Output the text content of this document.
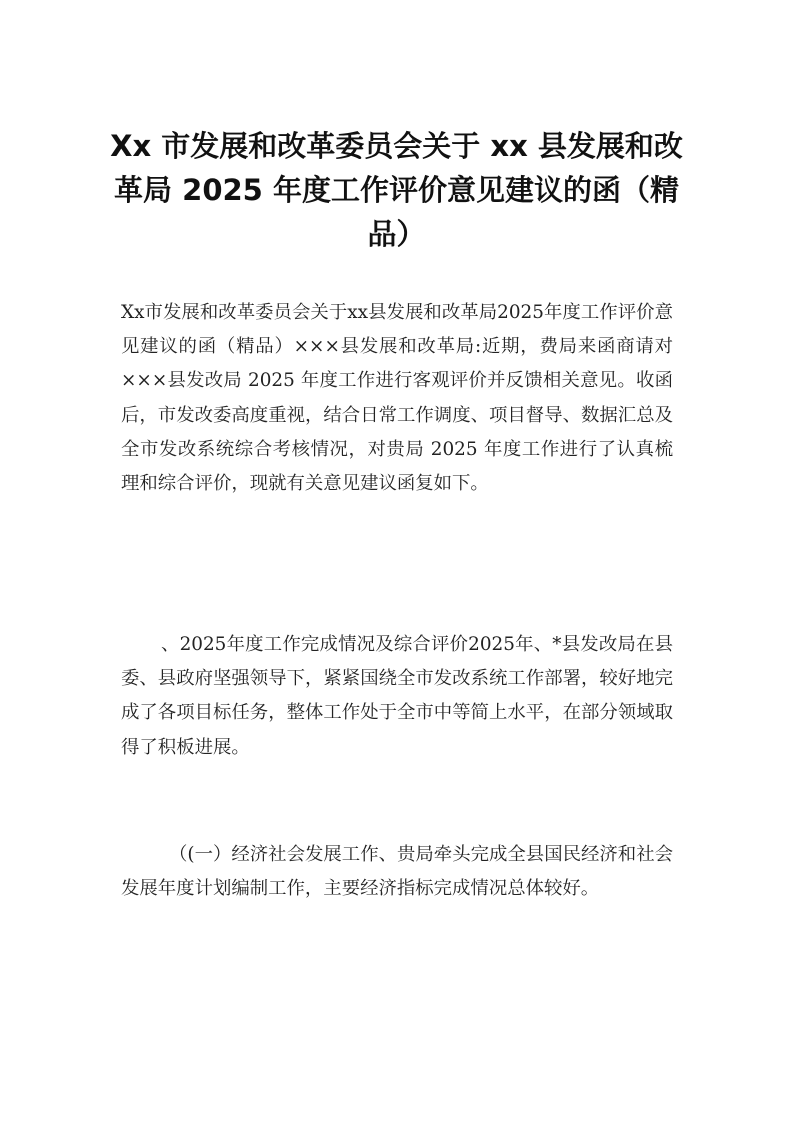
Xx 市发展和改革委员会关于 xx 县发展和改革局 2025 年度工作评价意见建议的函（精品）

Xx市发展和改革委员会关于xx县发展和改革局2025年度工作评价意见建议的函（精品）×××县发展和改革局:近期，费局来函商请对×××县发改局 2025 年度工作进行客观评价并反馈相关意见。收函后，市发改委高度重视，结合日常工作调度、项目督导、数据汇总及全市发改系统综合考核情况，对贵局 2025 年度工作进行了认真梳理和综合评价，现就有关意见建议函复如下。

、2025年度工作完成情况及综合评价2025年、*县发改局在县委、县政府坚强领导下，紧紧国绕全市发改系统工作部署，较好地完成了各项目标任务，整体工作处于全市中等简上水平，在部分领域取得了积板进展。

（(一）经济社会发展工作、贵局牵头完成全县国民经济和社会发展年度计划编制工作，主要经济指标完成情况总体较好。
